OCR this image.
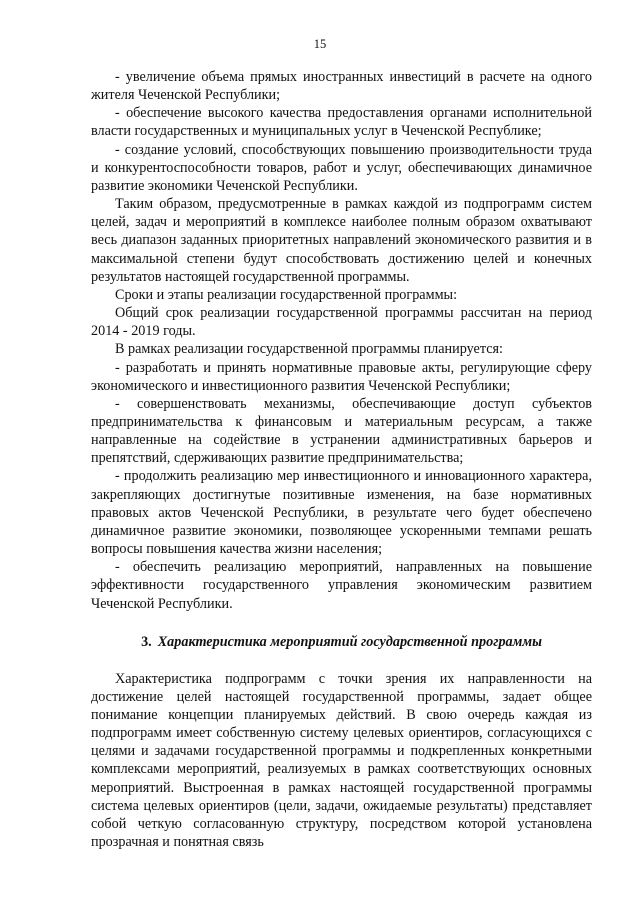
15

- увеличение объема прямых иностранных инвестиций в расчете на одного жителя Чеченской Республики;

- обеспечение высокого качества предоставления органами исполнительной власти государственных и муниципальных услуг в Чеченской Республике;

- создание условий, способствующих повышению производительности труда и конкурентоспособности товаров, работ и услуг, обеспечивающих динамичное развитие экономики Чеченской Республики.

Таким образом, предусмотренные в рамках каждой из подпрограмм систем целей, задач и мероприятий в комплексе наиболее полным образом охватывают весь диапазон заданных приоритетных направлений экономического развития и в максимальной степени будут способствовать достижению целей и конечных результатов настоящей государственной программы.

Сроки и этапы реализации государственной программы:

Общий срок реализации государственной программы рассчитан на период 2014 - 2019 годы.

В рамках реализации государственной программы планируется:

- разработать и принять нормативные правовые акты, регулирующие сферу экономического и инвестиционного развития Чеченской Республики;

- совершенствовать механизмы, обеспечивающие доступ субъектов предпринимательства к финансовым и материальным ресурсам, а также направленные на содействие в устранении административных барьеров и препятствий, сдерживающих развитие предпринимательства;

- продолжить реализацию мер инвестиционного и инновационного характера, закрепляющих достигнутые позитивные изменения, на базе нормативных правовых актов Чеченской Республики, в результате чего будет обеспечено динамичное развитие экономики, позволяющее ускоренными темпами решать вопросы повышения качества жизни населения;

- обеспечить реализацию мероприятий, направленных на повышение эффективности государственного управления экономическим развитием Чеченской Республики.

3. Характеристика мероприятий государственной программы

Характеристика подпрограмм с точки зрения их направленности на достижение целей настоящей государственной программы, задает общее понимание концепции планируемых действий. В свою очередь каждая из подпрограмм имеет собственную систему целевых ориентиров, согласующихся с целями и задачами государственной программы и подкрепленных конкретными комплексами мероприятий, реализуемых в рамках соответствующих основных мероприятий. Выстроенная в рамках настоящей государственной программы система целевых ориентиров (цели, задачи, ожидаемые результаты) представляет собой четкую согласованную структуру, посредством которой установлена прозрачная и понятная связь
